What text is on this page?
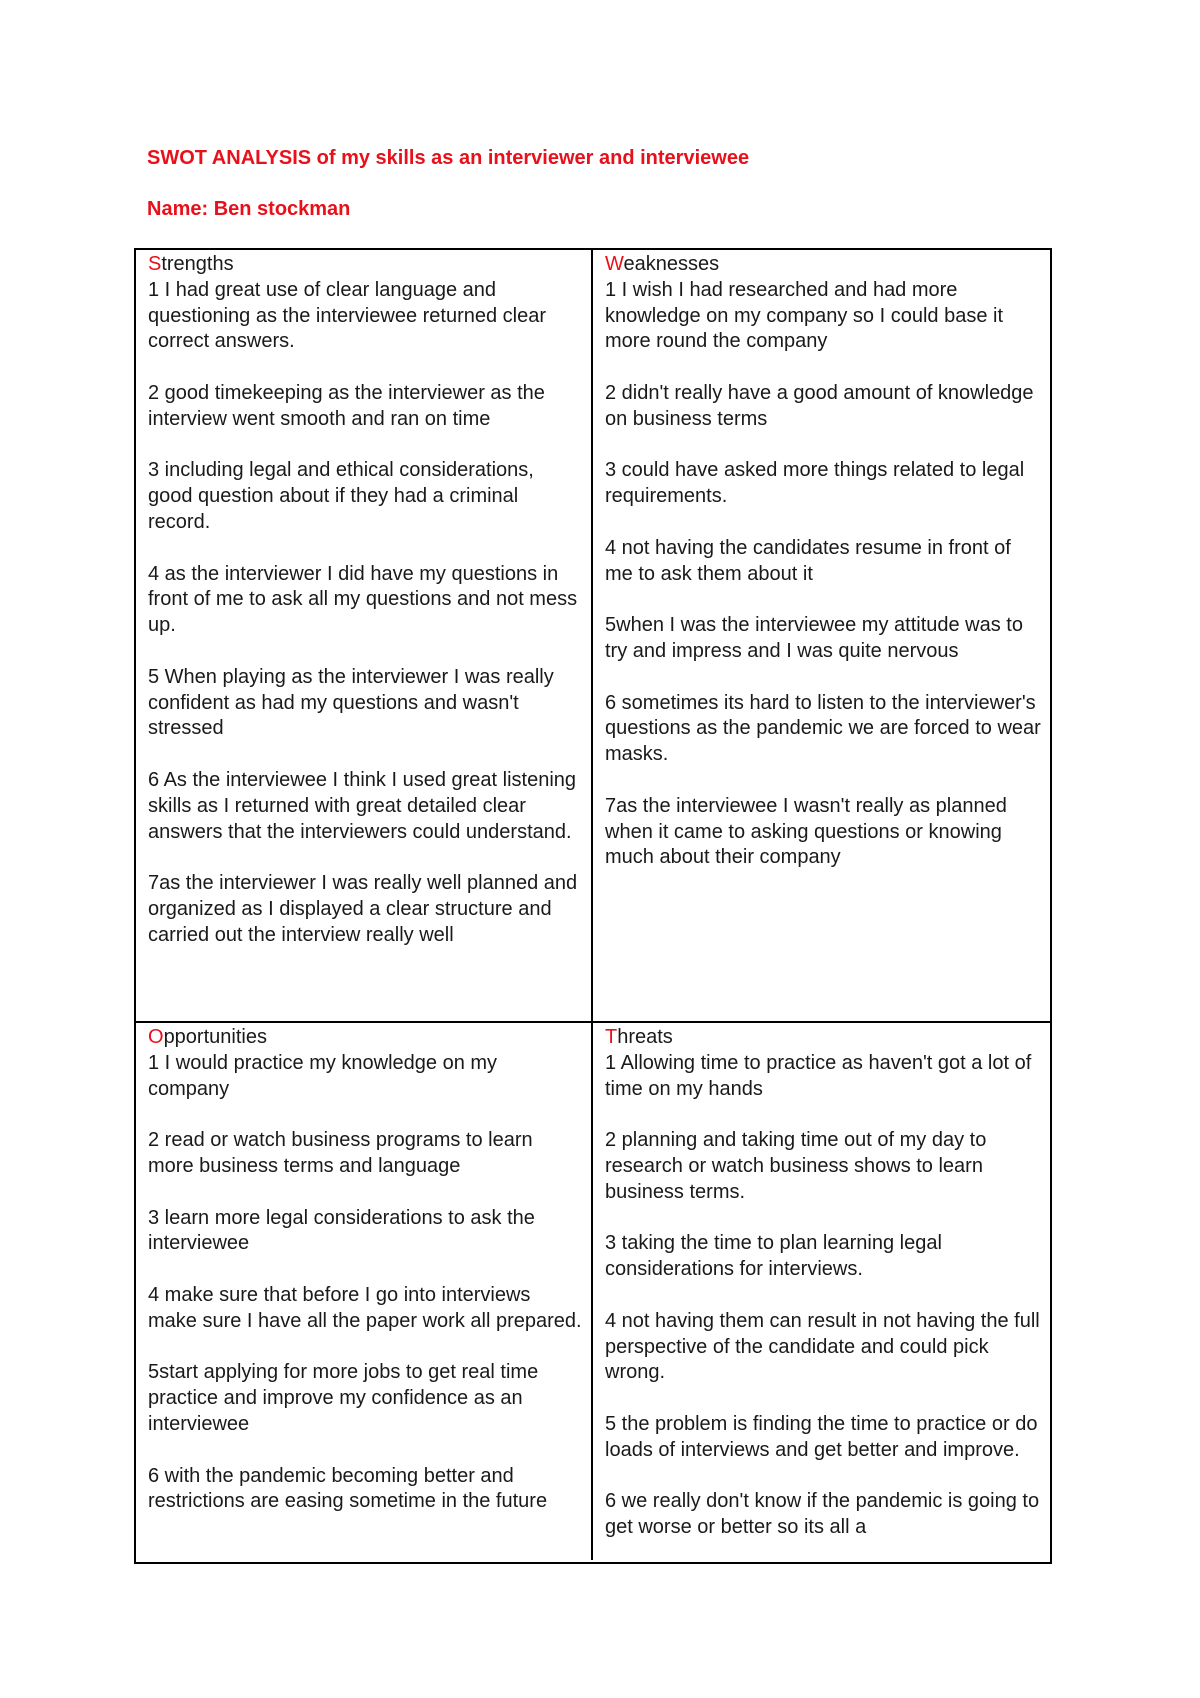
SWOT ANALYSIS of my skills as an interviewer and interviewee
Name: Ben stockman
Strengths

1 I had great use of clear language and questioning as the interviewee returned clear correct answers.

2 good timekeeping as the interviewer as the interview went smooth and ran on time

3 including legal and ethical considerations, good question about if they had a criminal record.

4 as the interviewer I did have my questions in front of me to ask all my questions and not mess up.

5 When playing as the interviewer I was really confident as had my questions and wasn't stressed

6 As the interviewee I think I used great listening skills as I returned with great detailed clear answers that the interviewers could understand.

7as the interviewer I was really well planned and organized as I displayed a clear structure and carried out the interview really well

Weaknesses

1 I wish I had researched and had more knowledge on my company so I could base it more round the company

2 didn't really have a good amount of knowledge on business terms

3 could have asked more things related to legal requirements.

4 not having the candidates resume in front of me to ask them about it

5when I was the interviewee my attitude was to try and impress and I was quite nervous

6 sometimes its hard to listen to the interviewer's questions as the pandemic we are forced to wear masks.

7as the interviewee I wasn't really as planned when it came to asking questions or knowing much about their company

Opportunities

1 I would practice my knowledge on my company

2 read or watch business programs to learn more business terms and language

3 learn more legal considerations to ask the interviewee

4 make sure that before I go into interviews make sure I have all the paper work all prepared.

5start applying for more jobs to get real time practice and improve my confidence as an interviewee

6 with the pandemic becoming better and restrictions are easing sometime in the future

Threats

1 Allowing time to practice as haven't got a lot of time on my hands

2 planning and taking time out of my day to research or watch business shows to learn business terms.

3 taking the time to plan learning legal considerations for interviews.

4 not having them can result in not having the full perspective of the candidate and could pick wrong.

5 the problem is finding the time to practice or do loads of interviews and get better and improve.

6 we really don't know if the pandemic is going to get worse or better so its all a
